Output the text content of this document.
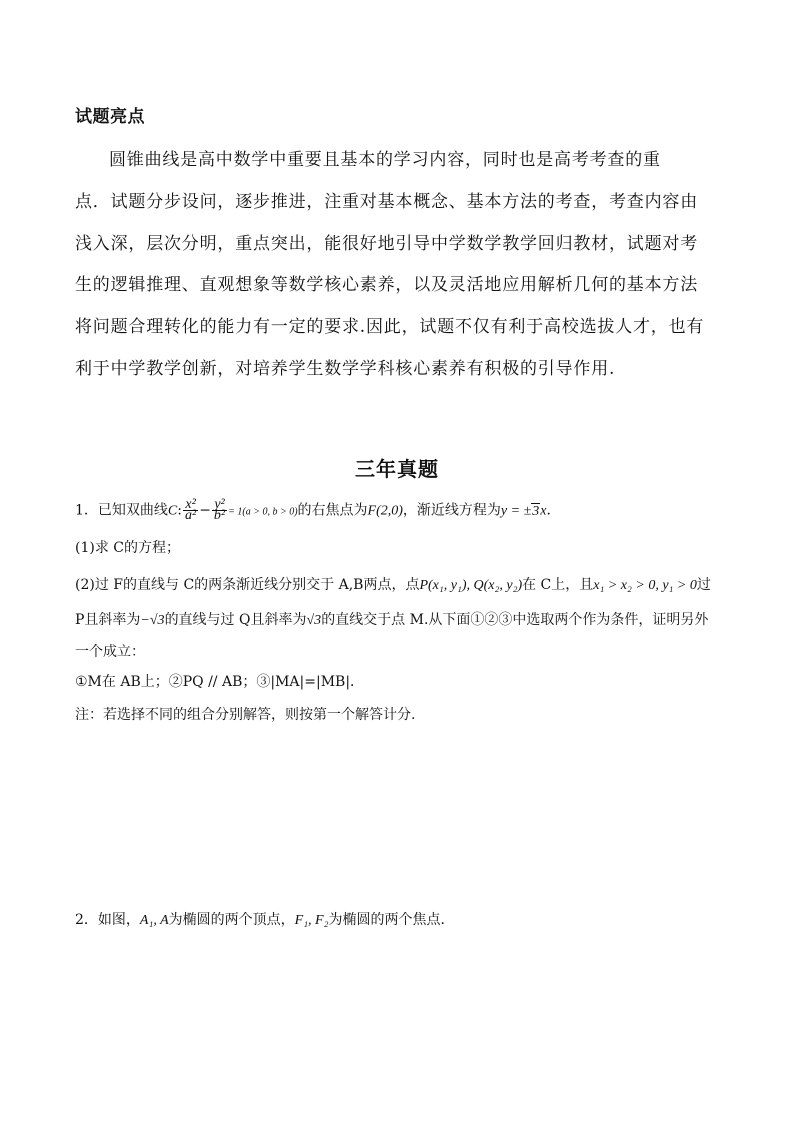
试题亮点
圆锥曲线是高中数学中重要且基本的学习内容，同时也是高考考查的重
点．试题分步设问，逐步推进，注重对基本概念、基本方法的考查，考查内容由
浅入深，层次分明，重点突出，能很好地引导中学数学教学回归教材，试题对考
生的逻辑推理、直观想象等数学核心素养，以及灵活地应用解析几何的基本方法
将问题合理转化的能力有一定的要求.因此，试题不仅有利于高校选拔人才，也有
利于中学教学创新，对培养学生数学学科核心素养有积极的引导作用.
三年真题
1．已知双曲线C: $\frac{\text{x²}}{\text{a²}} - \frac{\text{y²}}{\text{b²}} = 1(a > 0$, b > 0)的右焦点为F(2,0)，渐近线方程为y = ±3x．
(1)求 C的方程；
(2)过 F的直线与 C的两条渐近线分别交于 A,B两点，点P(x₁, y₁), Q(x₂, y₂)在 C上，且x₁ > x₂ > 0, y₁ > 0过
P且斜率为−√3的直线与过 Q且斜率为√3的直线交于点 M.从下面①②③中选取两个作为条件，证明另外
一个成立：
①M在 AB上；②PQ // AB；③|MA|=|MB|．
注：若选择不同的组合分别解答，则按第一个解答计分.
2．如图，A₁, A为椭圆的两个顶点，F₁, F₂为椭圆的两个焦点．
